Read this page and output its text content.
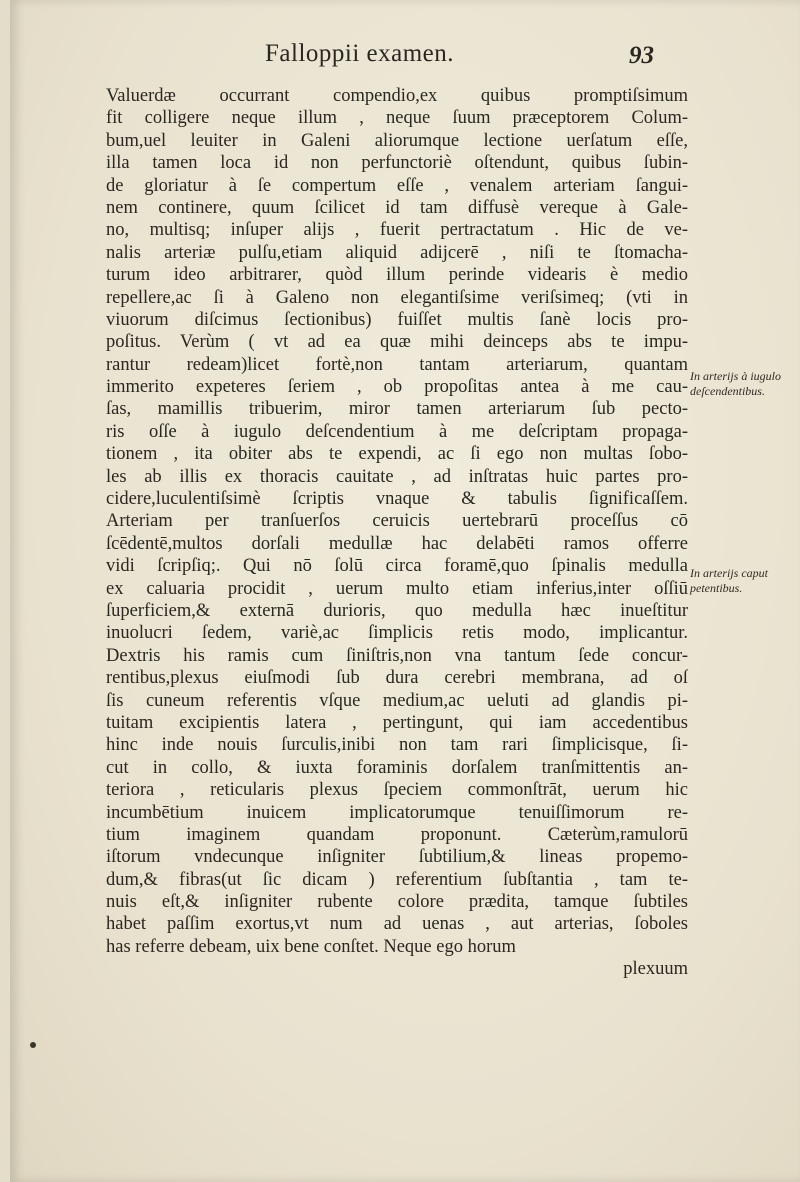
Falloppii examen.	93
Valuerdæ occurrant compendio,ex quibus promptiſsimum
fit colligere neque illum , neque ſuum præceptorem Colum-
bum,uel leuiter in Galeni aliorumque lectione uerſatum eſſe,
illa tamen loca id non perfunctoriè oſtendunt, quibus ſubin-
de gloriatur à ſe compertum eſſe , venalem arteriam ſangui-
nem continere, quum ſcilicet id tam diffusè vereque à Gale-
no, multisq; inſuper alijs , fuerit pertractatum . Hic de ve-
nalis arteriæ pulſu,etiam aliquid adijcerē , niſi te ſtomacha-
turum ideo arbitrarer, quòd illum perinde videaris è medio
repellere,ac ſi à Galeno non elegantiſsime veriſsimeq; (vti in
viuorum diſcimus ſectionibus) fuiſſet multis ſanè locis pro-
poſitus. Verùm ( vt ad ea quæ mihi deinceps abs te impu-
rantur redeam)licet fortè,non tantam arteriarum, quantam
immerito expeteres ſeriem , ob propoſitas antea à me cau-
ſas, mamillis tribuerim, miror tamen arteriarum ſub pecto-
ris oſſe à iugulo deſcendentium à me deſcriptam propaga-
tionem , ita obiter abs te expendi, ac ſi ego non multas ſobo-
les ab illis ex thoracis cauitate , ad inſtratas huic partes pro-
cidere,luculentiſsimè ſcriptis vnaque & tabulis ſignificaſſem.
Arteriam per tranſuerſos ceruicis uertebrarū proceſſus cō
ſcēdentē,multos dorſali medullæ hac delabēti ramos offerre
vidi ſcripſiq;. Qui nō ſolū circa foramē,quo ſpinalis medulla
ex caluaria procidit , uerum multo etiam inferius,inter oſſiū
ſuperficiem,& externā durioris, quo medulla hæc inueſtitur
inuolucri ſedem, variè,ac ſimplicis retis modo, implicantur.
Dextris his ramis cum ſiniſtris,non vna tantum ſede concur-
rentibus,plexus eiuſmodi ſub dura cerebri membrana, ad oſ
ſis cuneum referentis vſque medium,ac ueluti ad glandis pi-
tuitam excipientis latera , pertingunt, qui iam accedentibus
hinc inde nouis ſurculis,inibi non tam rari ſimplicisque, ſi-
cut in collo, & iuxta foraminis dorſalem tranſmittentis an-
teriora , reticularis plexus ſpeciem commonſtrāt, uerum hic
incumbētium inuicem implicatorumque tenuiſſimorum re-
tium imaginem quandam proponunt. Cæterùm,ramulorū
iſtorum vndecunque inſigniter ſubtilium,& lineas propemo-
dum,& fibras(ut ſic dicam ) referentium ſubſtantia , tam te-
nuis eſt,& inſigniter rubente colore prædita, tamque ſubtiles
habet paſſim exortus,vt num ad uenas , aut arterias, ſoboles
has referre debeam, uix bene conſtet. Neque ego horum
plexuum
In arterijs à iugulo deſcendentibus.
In arterijs caput petentibus.
